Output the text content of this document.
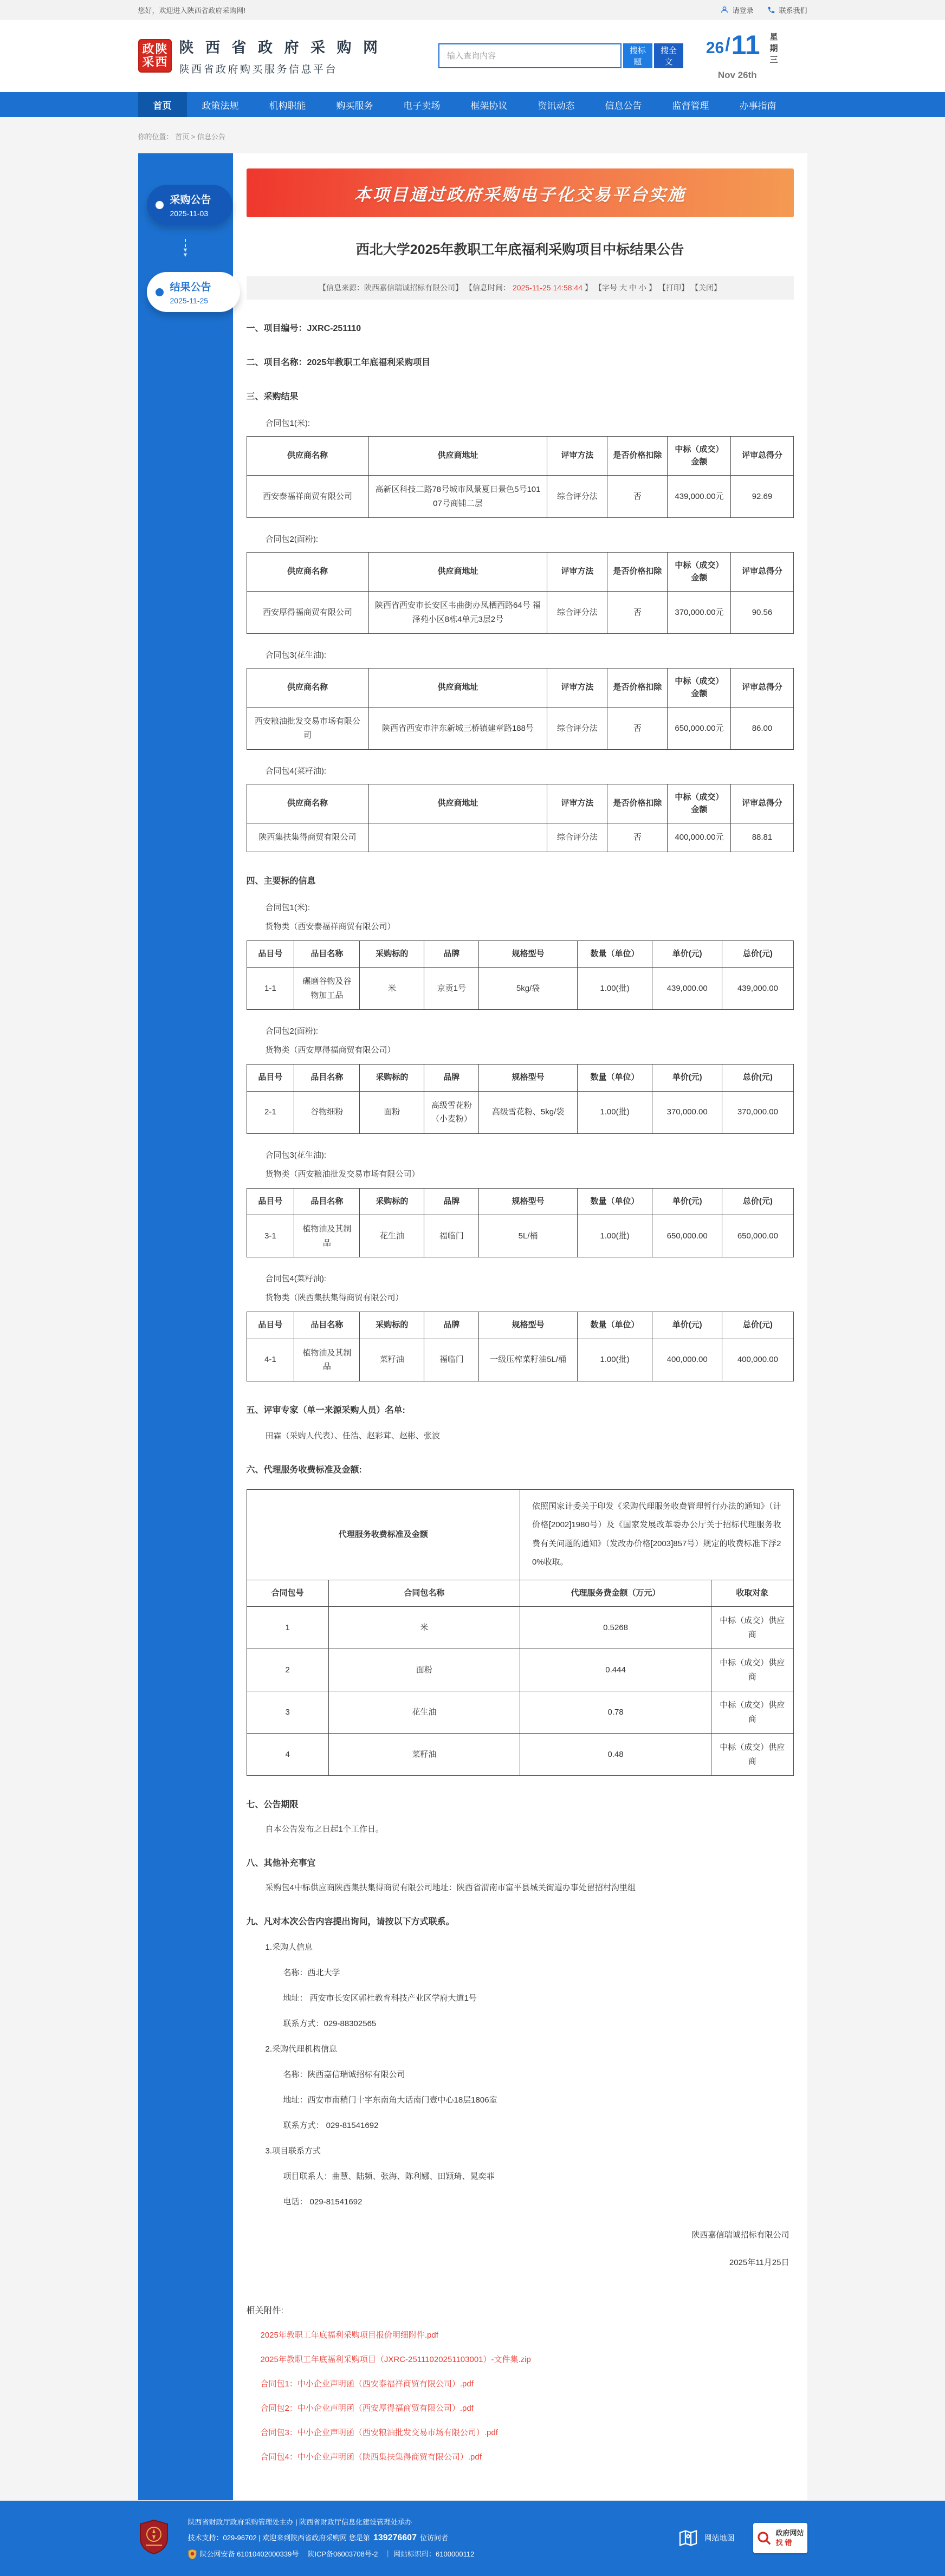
您好，欢迎进入陕西省政府采购网!	请登录	联系我们
政 陕
采 西
陕 西 省 政 府 采 购 网
陕西省政府购买服务信息平台
输入查询内容
搜标题
搜全文
26 / 11 星期三
Nov 26th
首页	政策法规	机构职能	购买服务	电子卖场	框架协议	资讯动态	信息公告	监督管理	办事指南
你的位置： 首页 > 信息公告
采购公告
2025-11-03
▼
▼
结果公告
2025-11-25
本项目通过政府采购电子化交易平台实施
西北大学2025年教职工年底福利采购项目中标结果公告
【信息来源：陕西嘉信瑞诚招标有限公司】 【信息时间： 2025-11-25 14:58:44 】 【字号 大 中 小 】 【打印】 【关闭】
一、项目编号：JXRC-251110
二、项目名称：2025年教职工年底福利采购项目
三、采购结果

合同包1(米):

供应商名称	供应商地址	评审方法	是否价格扣除	中标（成交）金额	评审总得分
西安泰福祥商贸有限公司	高新区科技二路78号城市风景夏日景色5号10107号商铺二层	综合评分法	否	439,000.00元	92.69

合同包2(面粉):

供应商名称	供应商地址	评审方法	是否价格扣除	中标（成交）金额	评审总得分
西安厚得福商贸有限公司	陕西省西安市长安区韦曲街办凤栖西路64号 福泽苑小区8栋4单元3层2号	综合评分法	否	370,000.00元	90.56

合同包3(花生油):

供应商名称	供应商地址	评审方法	是否价格扣除	中标（成交）金额	评审总得分
西安粮油批发交易市场有限公司	陕西省西安市沣东新城三桥镇建章路188号	综合评分法	否	650,000.00元	86.00

合同包4(菜籽油):

供应商名称	供应商地址	评审方法	是否价格扣除	中标（成交）金额	评审总得分
陕西集扶集得商贸有限公司		综合评分法	否	400,000.00元	88.81
四、主要标的信息

合同包1(米):

货物类（西安泰福祥商贸有限公司）

品目号	品目名称	采购标的	品牌	规格型号	数量（单位）	单价(元)	总价(元)
1-1	碾磨谷物及谷物加工品	米	京贡1号	5kg/袋	1.00(批)	439,000.00	439,000.00

合同包2(面粉):

货物类（西安厚得福商贸有限公司）

品目号	品目名称	采购标的	品牌	规格型号	数量（单位）	单价(元)	总价(元)
2-1	谷物细粉	面粉	高级雪花粉（小麦粉）	高级雪花粉、5kg/袋	1.00(批)	370,000.00	370,000.00

合同包3(花生油):

货物类（西安粮油批发交易市场有限公司）

品目号	品目名称	采购标的	品牌	规格型号	数量（单位）	单价(元)	总价(元)
3-1	植物油及其制品	花生油	福临门	5L/桶	1.00(批)	650,000.00	650,000.00

合同包4(菜籽油):

货物类（陕西集扶集得商贸有限公司）

品目号	品目名称	采购标的	品牌	规格型号	数量（单位）	单价(元)	总价(元)
4-1	植物油及其制品	菜籽油	福临门	一级压榨菜籽油5L/桶	1.00(批)	400,000.00	400,000.00
五、评审专家（单一来源采购人员）名单:

田霖（采购人代表）、任浩、赵彩茸、赵彬、张波

六、代理服务收费标准及金额:
代理服务收费标准及金额		依照国家计委关于印发《采购代理服务收费管理暂行办法的通知》（计价格[2002]1980号）及《国家发展改革委办公厅关于招标代理服务收费有关问题的通知》（发改办价格[2003]857号）规定的收费标准下浮20%收取。	
合同包号	合同包名称	代理服务费金额（万元）	收取对象
1	米	0.5268	中标（成交）供应商
2	面粉	0.444	中标（成交）供应商
3	花生油	0.78	中标（成交）供应商
4	菜籽油	0.48	中标（成交）供应商
七、公告期限

自本公告发布之日起1个工作日。

八、其他补充事宜

采购包4中标供应商陕西集扶集得商贸有限公司地址：陕西省渭南市富平县城关街道办事处留招村沟里组

九、凡对本次公告内容提出询问，请按以下方式联系。

1.采购人信息

名称：西北大学

地址： 西安市长安区郭杜教育科技产业区学府大道1号

联系方式：029-88302565

2.采购代理机构信息

名称：陕西嘉信瑞诚招标有限公司

地址：西安市南稍门十字东南角大话南门壹中心18层1806室

联系方式： 029-81541692

3.项目联系方式

项目联系人：曲慧、陆频、张海、陈利娜、田颖琦、晁奕菲

电话： 029-81541692

陕西嘉信瑞诚招标有限公司

2025年11月25日

相关附件:

2025年教职工年底福利采购项目报价明细附件.pdf
2025年教职工年底福利采购项目（JXRC-25111020251103001）-文件集.zip
合同包1：中小企业声明函（西安泰福祥商贸有限公司）.pdf
合同包2：中小企业声明函（西安厚得福商贸有限公司）.pdf
合同包3：中小企业声明函（西安粮油批发交易市场有限公司）.pdf
合同包4：中小企业声明函（陕西集扶集得商贸有限公司）.pdf

陕西省财政厅政府采购管理处主办 | 陕西省财政厅信息化建设管理处承办

技术支持：029-96702 | 欢迎来到陕西省政府采购网 您是第 139276607 位访问者

陕公网安备 61010402000339号 陕ICP备06003708号-2 ｜ 网站标识码：6100000112

网站地图
政府网站
找错
